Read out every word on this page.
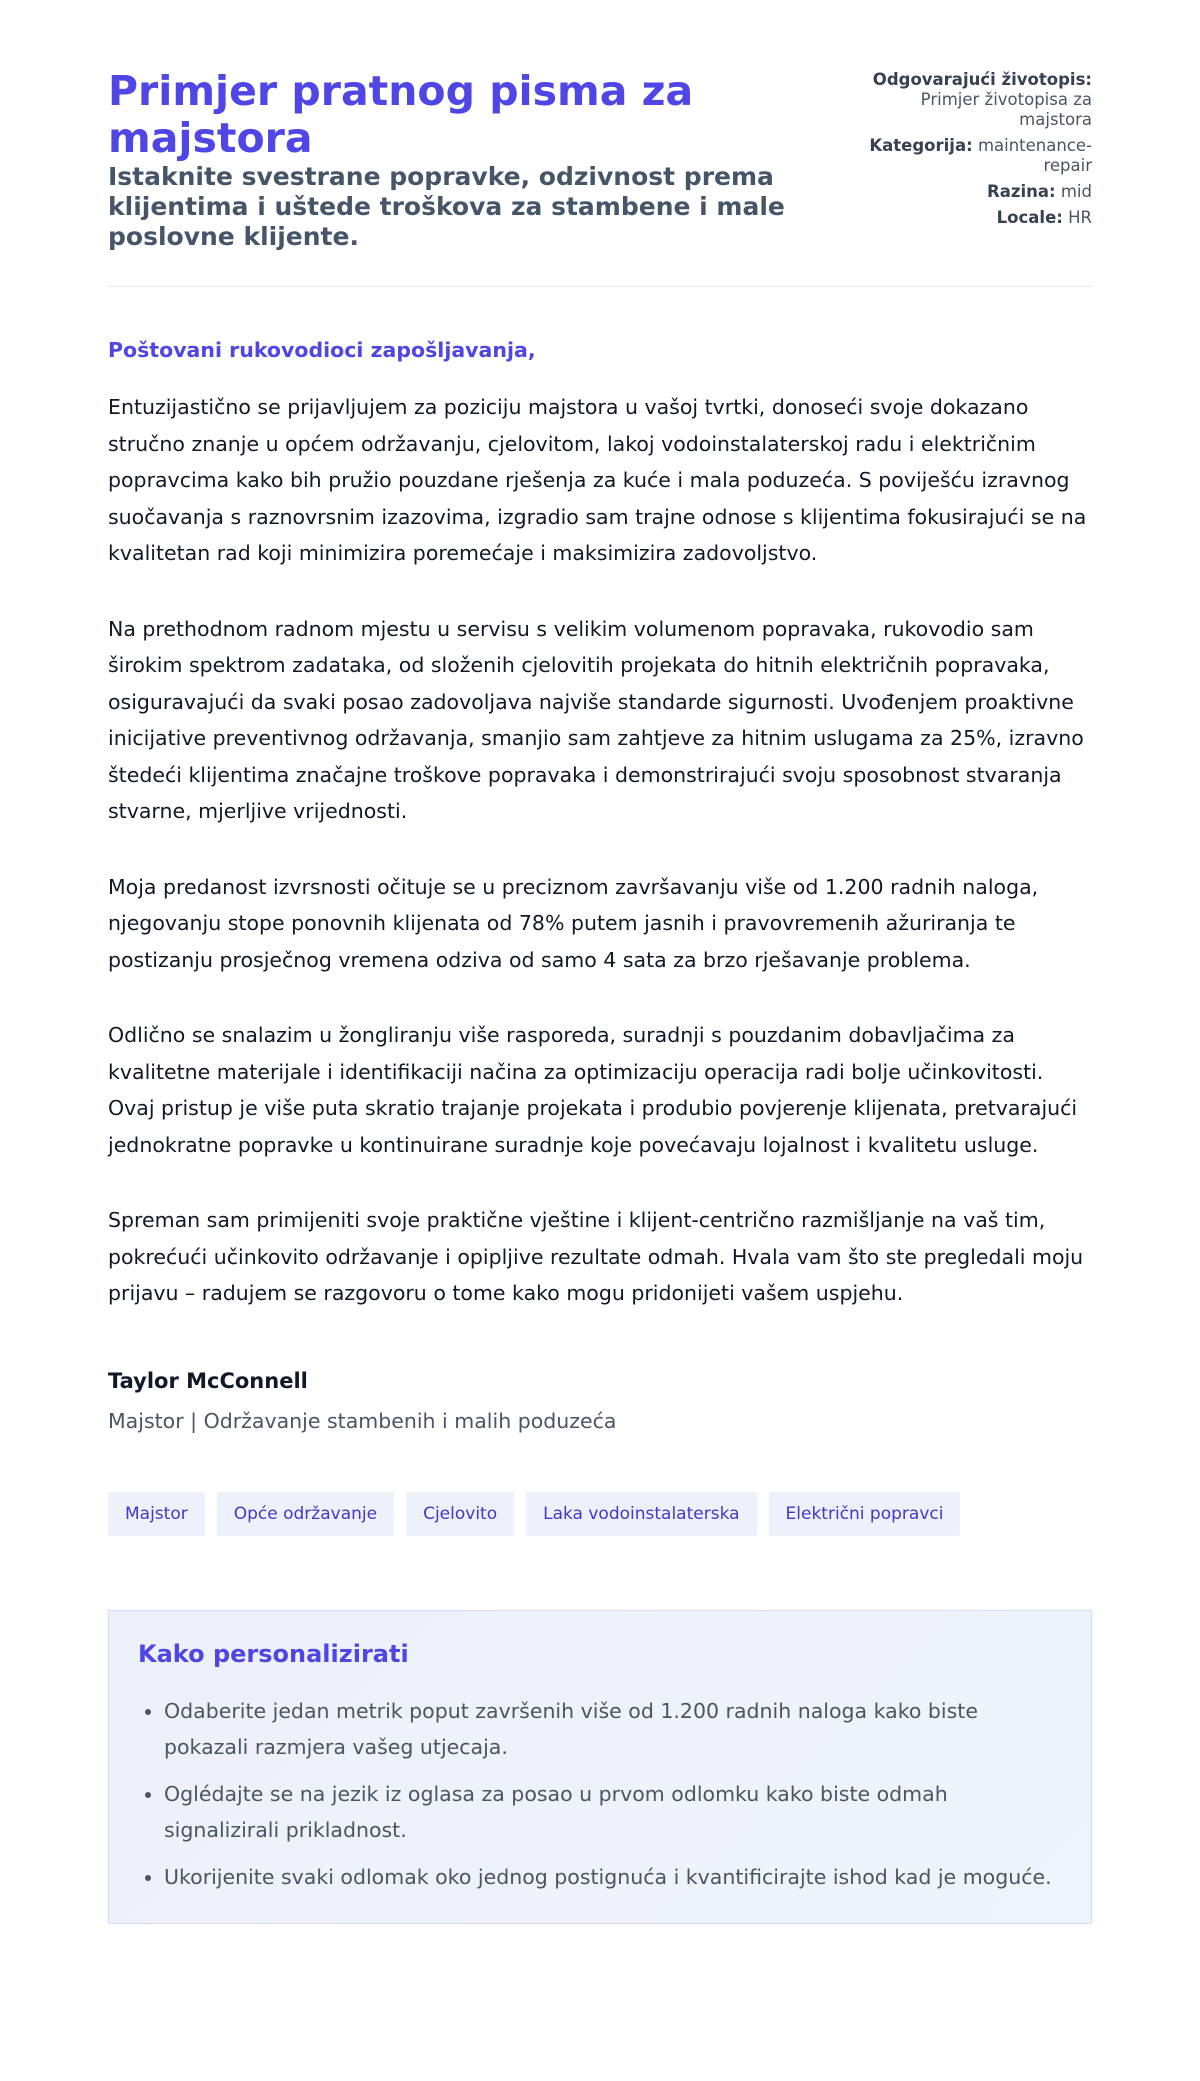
Primjer pratnog pisma za majstora
Istaknite svestrane popravke, odzivnost prema klijentima i uštede troškova za stambene i male poslovne klijente.
Odgovarajući životopis: Primjer životopisa za majstora
Kategorija: maintenance-repair
Razina: mid
Locale: HR

Poštovani rukovodioci zapošljavanja,

Entuzijastično se prijavljujem za poziciju majstora u vašoj tvrtki, donoseći svoje dokazano stručno znanje u općem održavanju, cjelovitom, lakoj vodoinstalaterskoj radu i električnim popravcima kako bih pružio pouzdane rješenja za kuće i mala poduzeća. S poviješću izravnog suočavanja s raznovrsnim izazovima, izgradio sam trajne odnose s klijentima fokusirajući se na kvalitetan rad koji minimizira poremećaje i maksimizira zadovoljstvo.

Na prethodnom radnom mjestu u servisu s velikim volumenom popravaka, rukovodio sam širokim spektrom zadataka, od složenih cjelovitih projekata do hitnih električnih popravaka, osiguravajući da svaki posao zadovoljava najviše standarde sigurnosti. Uvođenjem proaktivne inicijative preventivnog održavanja, smanjio sam zahtjeve za hitnim uslugama za 25%, izravno štedeći klijentima značajne troškove popravaka i demonstrirajući svoju sposobnost stvaranja stvarne, mjerljive vrijednosti.

Moja predanost izvrsnosti očituje se u preciznom završavanju više od 1.200 radnih naloga, njegovanju stope ponovnih klijenata od 78% putem jasnih i pravovremenih ažuriranja te postizanju prosječnog vremena odziva od samo 4 sata za brzo rješavanje problema.

Odlično se snalazim u žongliranju više rasporeda, suradnji s pouzdanim dobavljačima za kvalitetne materijale i identifikaciji načina za optimizaciju operacija radi bolje učinkovitosti. Ovaj pristup je više puta skratio trajanje projekata i produbio povjerenje klijenata, pretvarajući jednokratne popravke u kontinuirane suradnje koje povećavaju lojalnost i kvalitetu usluge.

Spreman sam primijeniti svoje praktične vještine i klijent-centrično razmišljanje na vaš tim, pokrećući učinkovito održavanje i opipljive rezultate odmah. Hvala vam što ste pregledali moju prijavu – radujem se razgovoru o tome kako mogu pridonijeti vašem uspjehu.

Taylor McConnell
Majstor | Održavanje stambenih i malih poduzeća
Majstor	Opće održavanje	Cjelovito	Laka vodoinstalaterska	Električni popravci
Kako personalizirati
• Odaberite jedan metrik poput završenih više od 1.200 radnih naloga kako biste pokazali razmjera vašeg utjecaja.
• Oglédajte se na jezik iz oglasa za posao u prvom odlomku kako biste odmah signalizirali prikladnost.
• Ukorijenite svaki odlomak oko jednog postignuća i kvantificirajte ishod kad je moguće.
